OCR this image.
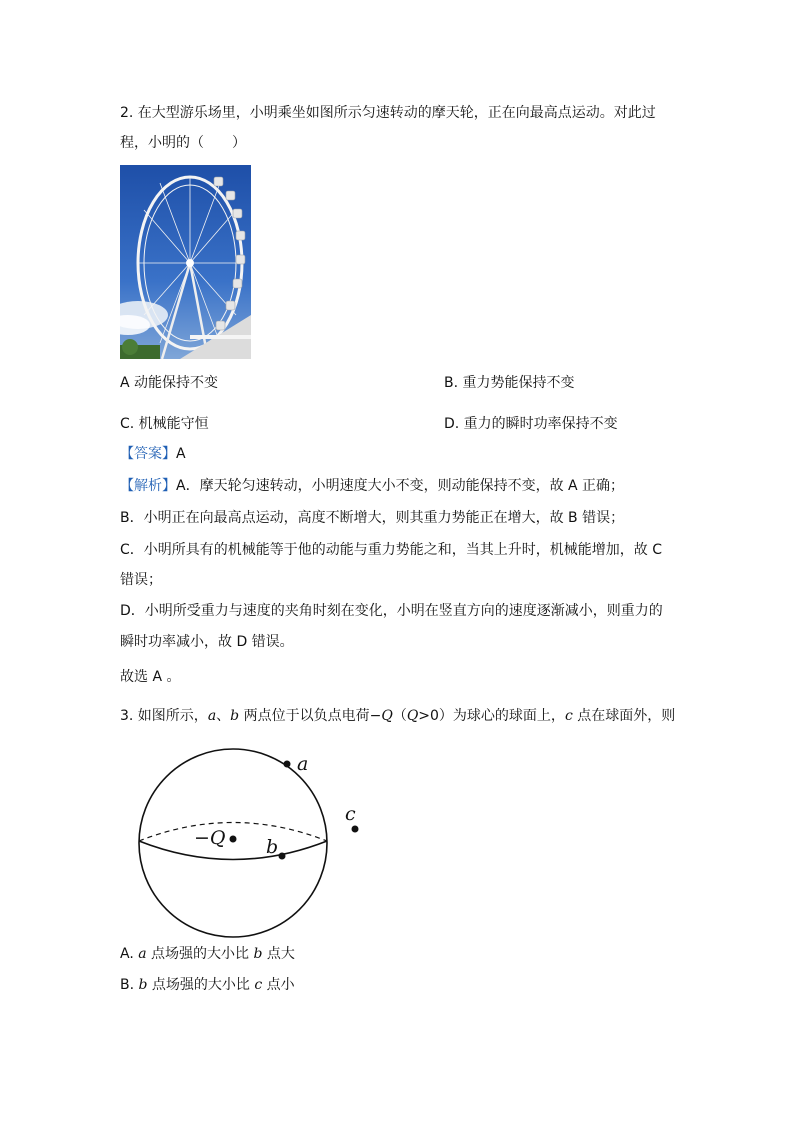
2. 在大型游乐场里，小明乘坐如图所示匀速转动的摩天轮，正在向最高点运动。对此过
程，小明的（　　）
A 动能保持不变	B. 重力势能保持不变
C. 机械能守恒	D. 重力的瞬时功率保持不变
【答案】A
【解析】A．摩天轮匀速转动，小明速度大小不变，则动能保持不变，故 A 正确；
B．小明正在向最高点运动，高度不断增大，则其重力势能正在增大，故 B 错误；
C．小明所具有的机械能等于他的动能与重力势能之和，当其上升时，机械能增加，故 C
错误；
D．小明所受重力与速度的夹角时刻在变化，小明在竖直方向的速度逐渐减小，则重力的
瞬时功率减小，故 D 错误。
故选 A 。
3. 如图所示，a、b 两点位于以负点电荷−Q（Q>0）为球心的球面上，c 点在球面外，则
a
−Q b
c
A. a 点场强的大小比 b 点大
B. b 点场强的大小比 c 点小
